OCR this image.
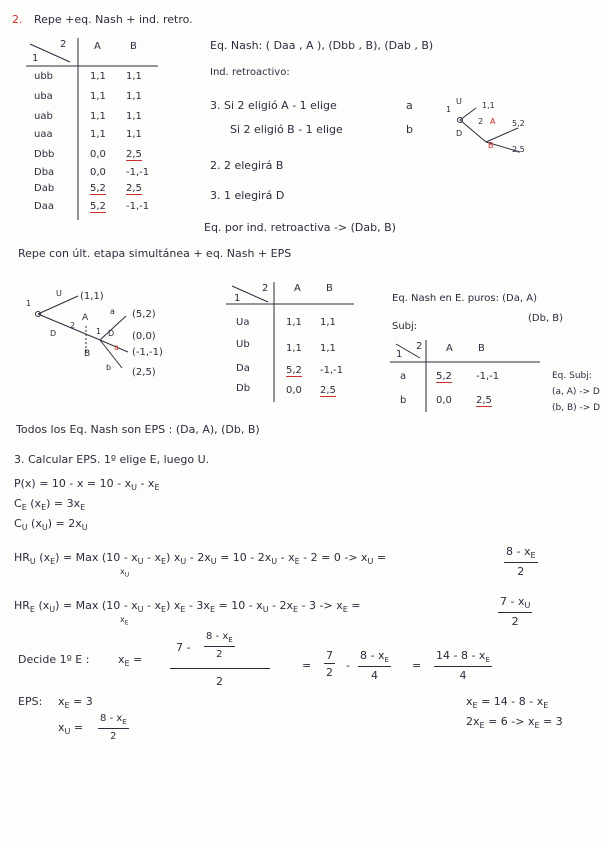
2. Repe +eq. Nash + ind. retro.
2
1
A	B
ubb	1,1 1,1
uba	1,1 1,1
uab	1,1 1,1
uaa	1,1 1,1
Dbb	0,0 2,5
Dba	0,0 -1,-1
Dab	5,2 2,5
Daa	5,2 -1,-1
Eq. Nash: ( Daa , A ), (Dbb , B), (Dab , B)
Ind. retroactivo:
3. Si 2 eligió A - 1 elige	a
Si 2 eligió B - 1 elige	b
2. 2 elegirá B
3. 1 elegirá D
Eq. por ind. retroactiva -> (Dab, B)
1
U	1,1
D
2 A 5,2
B 2,5
Repe con últ. etapa simultánea + eq. Nash + EPS
1
U (1,1)
D
2
A
B
1 D
a
a
b
(5,2)
(0,0)
(-1,-1)
(2,5)
2
1
A	B
Ua	1,1 1,1
Ub	1,1 1,1
Da	5,2 -1,-1
Db	0,0 2,5
Eq. Nash en E. puros: (Da, A)
(Db, B)
Subj:
2
1
A	B
a	5,2 -1,-1
b	0,0 2,5
Eq. Subj:
(a, A) -> D
(b, B) -> D
Todos los Eq. Nash son EPS : (Da, A), (Db, B)
3. Calcular EPS. 1º elige E, luego U.
$P(x) = 10 - x = 10 - x_U - x_E$
$C_E$ $(x_E) = 3x_E$
$C_U$ $(x_U) = 2x_U$
$HR_U$ $(x_E)$ = Max $(10 - x_U - x_E)$ $x_U - 2x_U = 10 - 2x_U - x_E - 2 = 0 -> x_U$ =
$x_U$
$8 - x_E$
2
$HR_E$ $(x_U)$ = Max $(10 - x_U - x_E)$ $x_E - 3x_E = 10 - x_U - 2x_E - 3 -> x_E$ =
$x_E$
$7 - x_U$
2
Decide 1º E :	$x_E$ =
7 -
$8 - x_E$
2
2
=
7
2
-
$8 - x_E$
4
=
$14 - 8 - x_E$
4
EPS: $x_E = 3$
$x_U$ =
$8 - x_E$
2
$x_E = 14 - 8 - x_E$
$2x_E = 6 -> x_E = 3$
